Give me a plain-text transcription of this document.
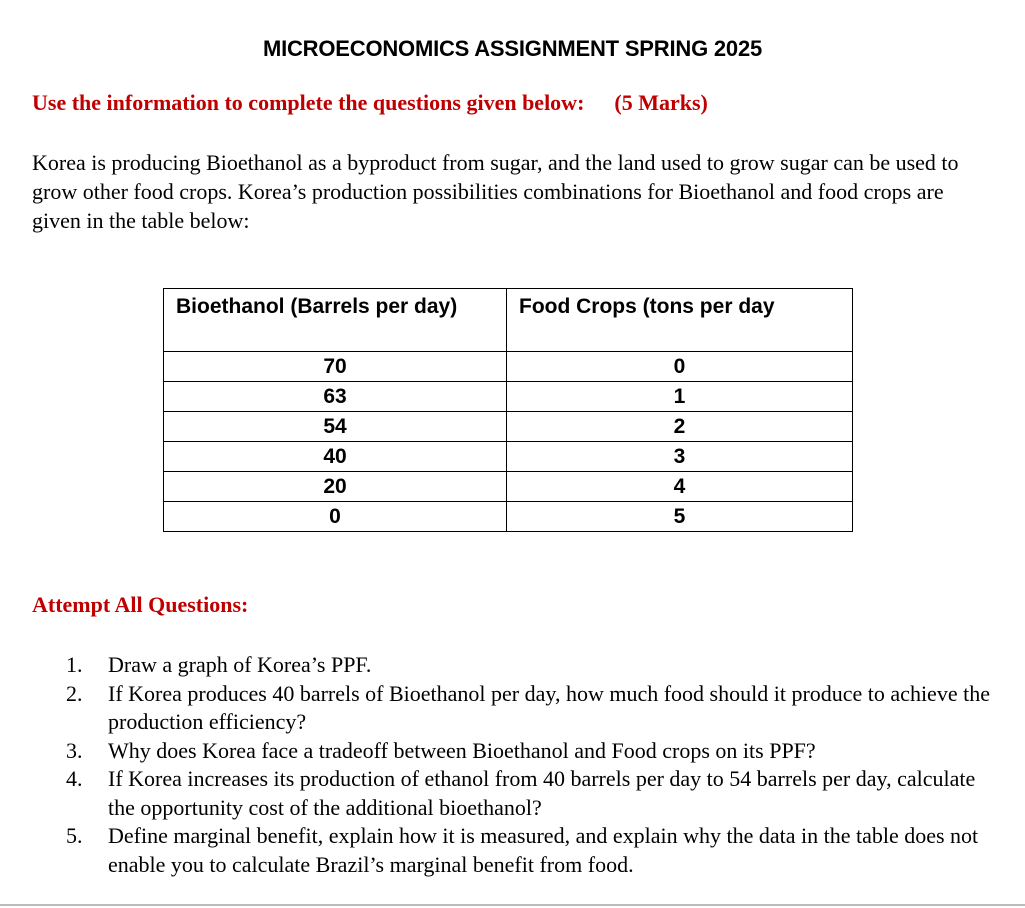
MICROECONOMICS ASSIGNMENT SPRING 2025
Use the information to complete the questions given below: (5 Marks)
Korea is producing Bioethanol as a byproduct from sugar, and the land used to grow sugar can be used to grow other food crops. Korea’s production possibilities combinations for Bioethanol and food crops are given in the table below:
Bioethanol (Barrels per day)	Food Crops (tons per day
70	0
63	1
54	2
40	3
20	4
0	5
Attempt All Questions:
1. Draw a graph of Korea’s PPF.
2. If Korea produces 40 barrels of Bioethanol per day, how much food should it produce to achieve the production efficiency?
3. Why does Korea face a tradeoff between Bioethanol and Food crops on its PPF?
4. If Korea increases its production of ethanol from 40 barrels per day to 54 barrels per day, calculate the opportunity cost of the additional bioethanol?
5. Define marginal benefit, explain how it is measured, and explain why the data in the table does not enable you to calculate Brazil’s marginal benefit from food.
